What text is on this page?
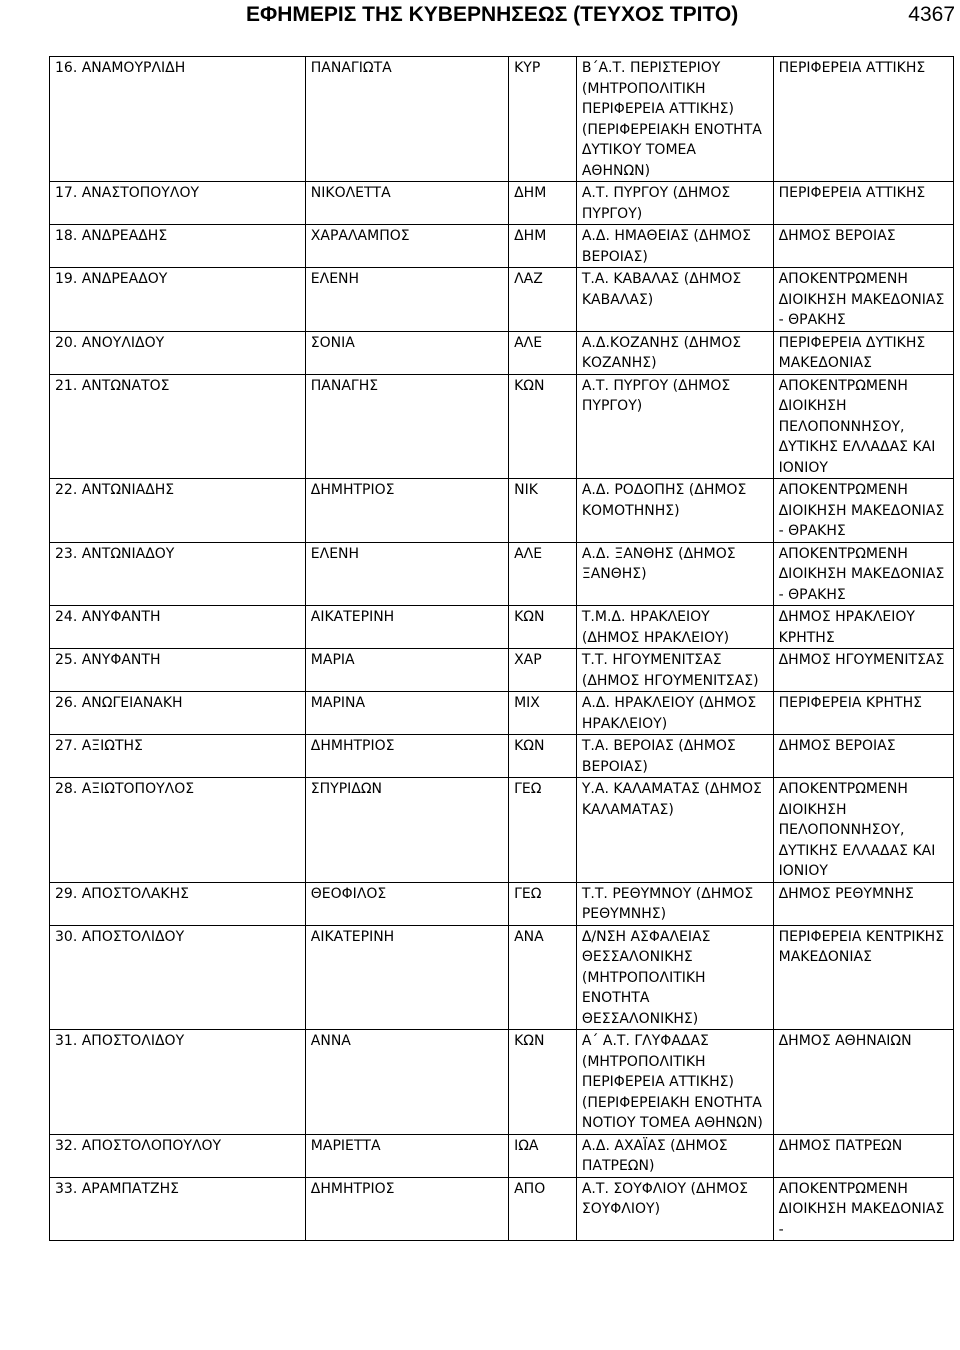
ΕΦΗΜΕΡΙΣ ΤΗΣ ΚΥΒΕΡΝΗΣΕΩΣ (ΤΕΥΧΟΣ ΤΡΙΤΟ)	4367
16. ΑΝΑΜΟΥΡΛΙΔΗ	ΠΑΝΑΓΙΩΤΑ	ΚΥΡ	Β΄Α.Τ. ΠΕΡΙΣΤΕΡΙΟΥ (ΜΗΤΡΟΠΟΛΙΤΙΚΗ ΠΕΡΙΦΕΡΕΙΑ ΑΤΤΙΚΗΣ) (ΠΕΡΙΦΕΡΕΙΑΚΗ ΕΝΟΤΗΤΑ ΔΥΤΙΚΟΥ ΤΟΜΕΑ ΑΘΗΝΩΝ)	ΠΕΡΙΦΕΡΕΙΑ ΑΤΤΙΚΗΣ
17. ΑΝΑΣΤΟΠΟΥΛΟΥ	ΝΙΚΟΛΕΤΤΑ	ΔΗΜ	Α.Τ. ΠΥΡΓΟΥ (ΔΗΜΟΣ ΠΥΡΓΟΥ)	ΠΕΡΙΦΕΡΕΙΑ ΑΤΤΙΚΗΣ
18. ΑΝΔΡΕΑΔΗΣ	ΧΑΡΑΛΑΜΠΟΣ	ΔΗΜ	Α.Δ. ΗΜΑΘΕΙΑΣ (ΔΗΜΟΣ ΒΕΡΟΙΑΣ)	ΔΗΜΟΣ ΒΕΡΟΙΑΣ
19. ΑΝΔΡΕΑΔΟΥ	ΕΛΕΝΗ	ΛΑΖ	Τ.Α. ΚΑΒΑΛΑΣ (ΔΗΜΟΣ ΚΑΒΑΛΑΣ)	ΑΠΟΚΕΝΤΡΩΜΕΝΗ ΔΙΟΙΚΗΣΗ ΜΑΚΕΔΟΝΙΑΣ - ΘΡΑΚΗΣ
20. ΑΝΟΥΛΙΔΟΥ	ΣΟΝΙΑ	ΑΛΕ	Α.Δ.ΚΟΖΑΝΗΣ (ΔΗΜΟΣ ΚΟΖΑΝΗΣ)	ΠΕΡΙΦΕΡΕΙΑ ΔΥΤΙΚΗΣ ΜΑΚΕΔΟΝΙΑΣ
21. ΑΝΤΩΝΑΤΟΣ	ΠΑΝΑΓΗΣ	ΚΩΝ	Α.Τ. ΠΥΡΓΟΥ (ΔΗΜΟΣ ΠΥΡΓΟΥ)	ΑΠΟΚΕΝΤΡΩΜΕΝΗ ΔΙΟΙΚΗΣΗ ΠΕΛΟΠΟΝΝΗΣΟΥ, ΔΥΤΙΚΗΣ ΕΛΛΑΔΑΣ ΚΑΙ ΙΟΝΙΟΥ
22. ΑΝΤΩΝΙΑΔΗΣ	ΔΗΜΗΤΡΙΟΣ	ΝΙΚ	Α.Δ. ΡΟΔΟΠΗΣ (ΔΗΜΟΣ ΚΟΜΟΤΗΝΗΣ)	ΑΠΟΚΕΝΤΡΩΜΕΝΗ ΔΙΟΙΚΗΣΗ ΜΑΚΕΔΟΝΙΑΣ - ΘΡΑΚΗΣ
23. ΑΝΤΩΝΙΑΔΟΥ	ΕΛΕΝΗ	ΑΛΕ	Α.Δ. ΞΑΝΘΗΣ (ΔΗΜΟΣ ΞΑΝΘΗΣ)	ΑΠΟΚΕΝΤΡΩΜΕΝΗ ΔΙΟΙΚΗΣΗ ΜΑΚΕΔΟΝΙΑΣ - ΘΡΑΚΗΣ
24. ΑΝΥΦΑΝΤΗ	ΑΙΚΑΤΕΡΙΝΗ	ΚΩΝ	Τ.Μ.Δ. ΗΡΑΚΛΕΙΟΥ (ΔΗΜΟΣ ΗΡΑΚΛΕΙΟΥ)	ΔΗΜΟΣ ΗΡΑΚΛΕΙΟΥ ΚΡΗΤΗΣ
25. ΑΝΥΦΑΝΤΗ	ΜΑΡΙΑ	ΧΑΡ	Τ.Τ. ΗΓΟΥΜΕΝΙΤΣΑΣ (ΔΗΜΟΣ ΗΓΟΥΜΕΝΙΤΣΑΣ)	ΔΗΜΟΣ ΗΓΟΥΜΕΝΙΤΣΑΣ
26. ΑΝΩΓΕΙΑΝΑΚΗ	ΜΑΡΙΝΑ	ΜΙΧ	Α.Δ. ΗΡΑΚΛΕΙΟΥ (ΔΗΜΟΣ ΗΡΑΚΛΕΙΟΥ)	ΠΕΡΙΦΕΡΕΙΑ ΚΡΗΤΗΣ
27. ΑΞΙΩΤΗΣ	ΔΗΜΗΤΡΙΟΣ	ΚΩΝ	Τ.Α. ΒΕΡΟΙΑΣ (ΔΗΜΟΣ ΒΕΡΟΙΑΣ)	ΔΗΜΟΣ ΒΕΡΟΙΑΣ
28. ΑΞΙΩΤΟΠΟΥΛΟΣ	ΣΠΥΡΙΔΩΝ	ΓΕΩ	Υ.Α. ΚΑΛΑΜΑΤΑΣ (ΔΗΜΟΣ ΚΑΛΑΜΑΤΑΣ)	ΑΠΟΚΕΝΤΡΩΜΕΝΗ ΔΙΟΙΚΗΣΗ ΠΕΛΟΠΟΝΝΗΣΟΥ, ΔΥΤΙΚΗΣ ΕΛΛΑΔΑΣ ΚΑΙ ΙΟΝΙΟΥ
29. ΑΠΟΣΤΟΛΑΚΗΣ	ΘΕΟΦΙΛΟΣ	ΓΕΩ	Τ.Τ. ΡΕΘΥΜΝΟΥ (ΔΗΜΟΣ ΡΕΘΥΜΝΗΣ)	ΔΗΜΟΣ ΡΕΘΥΜΝΗΣ
30. ΑΠΟΣΤΟΛΙΔΟΥ	ΑΙΚΑΤΕΡΙΝΗ	ΑΝΑ	Δ/ΝΣΗ ΑΣΦΑΛΕΙΑΣ ΘΕΣΣΑΛΟΝΙΚΗΣ (ΜΗΤΡΟΠΟΛΙΤΙΚΗ ΕΝΟΤΗΤΑ ΘΕΣΣΑΛΟΝΙΚΗΣ)	ΠΕΡΙΦΕΡΕΙΑ ΚΕΝΤΡΙΚΗΣ ΜΑΚΕΔΟΝΙΑΣ
31. ΑΠΟΣΤΟΛΙΔΟΥ	ΑΝΝΑ	ΚΩΝ	Α΄ Α.Τ. ΓΛΥΦΑΔΑΣ (ΜΗΤΡΟΠΟΛΙΤΙΚΗ ΠΕΡΙΦΕΡΕΙΑ ΑΤΤΙΚΗΣ) (ΠΕΡΙΦΕΡΕΙΑΚΗ ΕΝΟΤΗΤΑ ΝΟΤΙΟΥ ΤΟΜΕΑ ΑΘΗΝΩΝ)	ΔΗΜΟΣ ΑΘΗΝΑΙΩΝ
32. ΑΠΟΣΤΟΛΟΠΟΥΛΟΥ	ΜΑΡΙΕΤΤΑ	ΙΩΑ	Α.Δ. ΑΧΑΪΑΣ (ΔΗΜΟΣ ΠΑΤΡΕΩΝ)	ΔΗΜΟΣ ΠΑΤΡΕΩΝ
33. ΑΡΑΜΠΑΤΖΗΣ	ΔΗΜΗΤΡΙΟΣ	ΑΠΟ	Α.Τ. ΣΟΥΦΛΙΟΥ (ΔΗΜΟΣ ΣΟΥΦΛΙΟΥ)	ΑΠΟΚΕΝΤΡΩΜΕΝΗ ΔΙΟΙΚΗΣΗ ΜΑΚΕΔΟΝΙΑΣ -
